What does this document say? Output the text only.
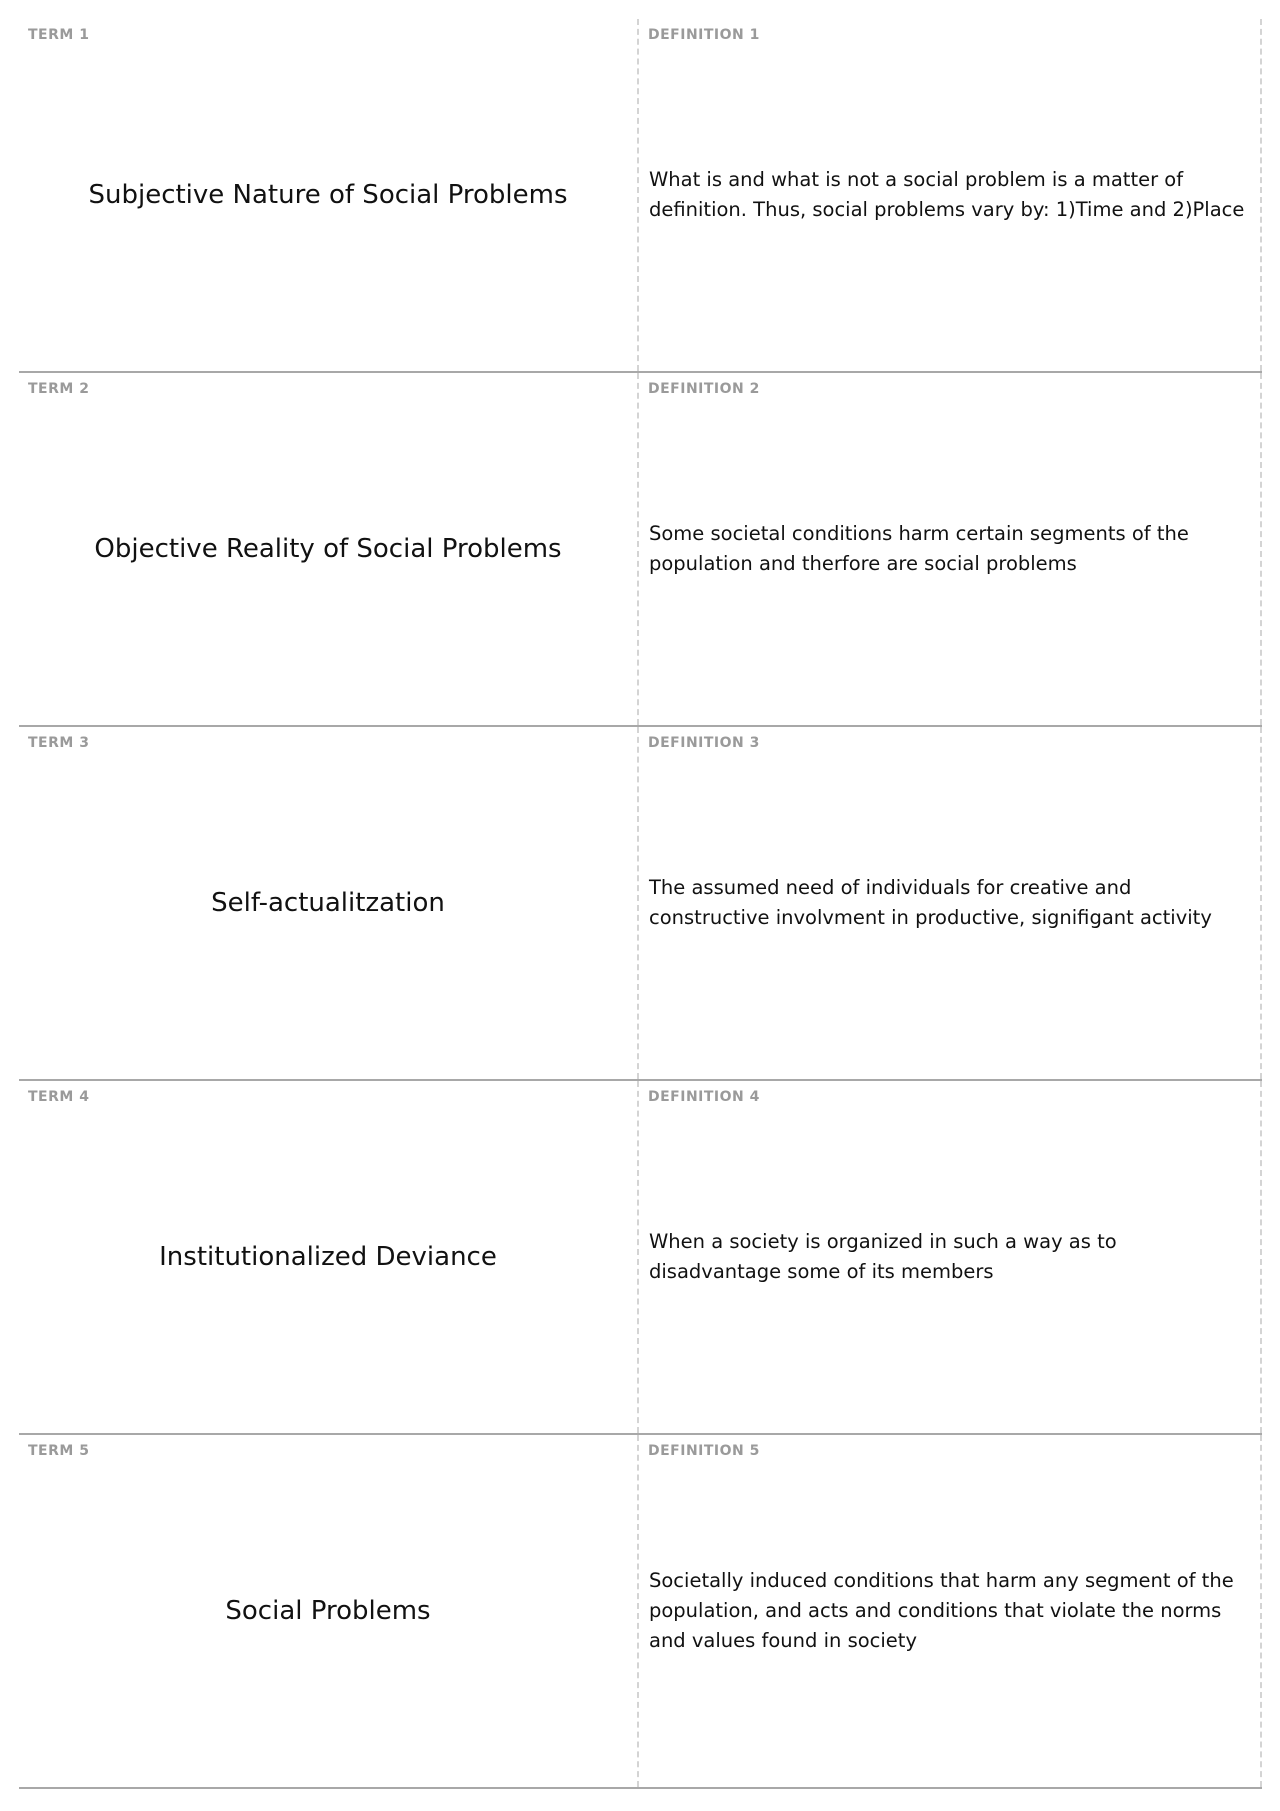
TERM 1
Subjective Nature of Social Problems
DEFINITION 1
What is and what is not a social problem is a matter of definition. Thus, social problems vary by: 1)Time and 2)Place
TERM 2
Objective Reality of Social Problems
DEFINITION 2
Some societal conditions harm certain segments of the population and therfore are social problems
TERM 3
Self-actualitzation
DEFINITION 3
The assumed need of individuals for creative and constructive involvment in productive, signifigant activity
TERM 4
Institutionalized Deviance
DEFINITION 4
When a society is organized in such a way as to disadvantage some of its members
TERM 5
Social Problems
DEFINITION 5
Societally induced conditions that harm any segment of the population, and acts and conditions that violate the norms and values found in society
